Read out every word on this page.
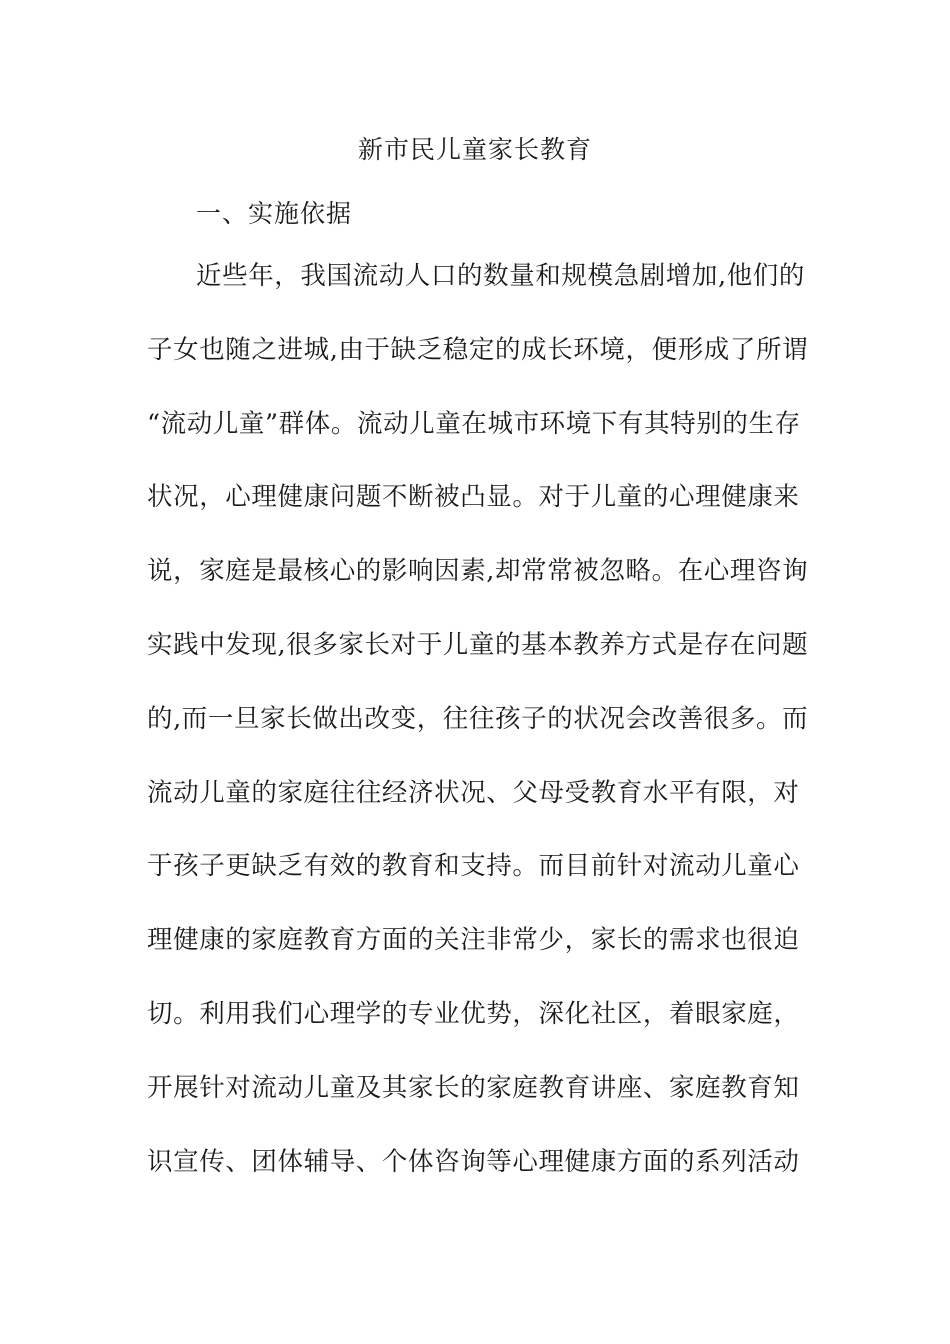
新市民儿童家长教育
一、实施依据
近些年，我国流动人口的数量和规模急剧增加,他们的
子女也随之进城,由于缺乏稳定的成长环境，便形成了所谓
“流动儿童”群体。流动儿童在城市环境下有其特别的生存
状况，心理健康问题不断被凸显。对于儿童的心理健康来
说，家庭是最核心的影响因素,却常常被忽略。在心理咨询
实践中发现,很多家长对于儿童的基本教养方式是存在问题
的,而一旦家长做出改变，往往孩子的状况会改善很多。而
流动儿童的家庭往往经济状况、父母受教育水平有限，对
于孩子更缺乏有效的教育和支持。而目前针对流动儿童心
理健康的家庭教育方面的关注非常少，家长的需求也很迫
切。利用我们心理学的专业优势，深化社区，着眼家庭，
开展针对流动儿童及其家长的家庭教育讲座、家庭教育知
识宣传、团体辅导、个体咨询等心理健康方面的系列活动
